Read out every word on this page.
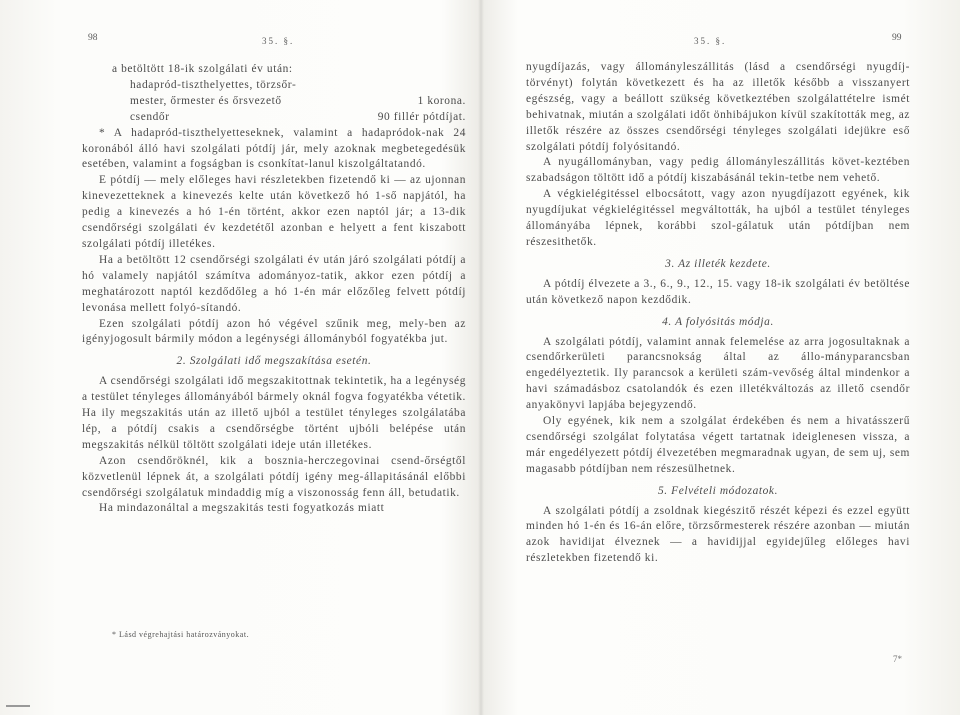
98	35. §.

a betöltött 18-ik szolgálati év után:

hadapród-tiszthelyettes, törzsőr-

mester, őrmester és őrsvezető	1 korona.
csendőr	90 fillér pótdíjat.

* A hadapród-tiszthelyetteseknek, valamint a hadapródok-nak 24 koronából álló havi szolgálati pótdíj jár, mely azoknak megbetegedésük esetében, valamint a fogságban is csonkítat-lanul kiszolgáltatandó.

E pótdíj — mely előleges havi részletekben fizetendő ki — az ujonnan kinevezetteknek a kinevezés kelte után következő hó 1-ső napjától, ha pedig a kinevezés a hó 1-én történt, akkor ezen naptól jár; a 13-dik csendőrségi szolgálati év kezdetétől azonban e helyett a fent kiszabott szolgálati pótdíj illetékes.

Ha a betöltött 12 csendőrségi szolgálati év után járó szolgálati pótdíj a hó valamely napjától számítva adományoz-tatik, akkor ezen pótdíj a meghatározott naptól kezdődőleg a hó 1-én már előzőleg felvett pótdíj levonása mellett folyó-sítandó.

Ezen szolgálati pótdíj azon hó végével szűnik meg, mely-ben az igényjogosult bármily módon a legénységi állományból fogyatékba jut.

2. Szolgálati idő megszakítása esetén.

A csendőrségi szolgálati idő megszakitottnak tekintetik, ha a legénység a testület tényleges állományából bármely oknál fogva fogyatékba vétetik. Ha ily megszakitás után az illető ujból a testület tényleges szolgálatába lép, a pótdíj csakis a csendőrségbe történt ujbóli belépése után megszakitás nélkül töltött szolgálati ideje után illetékes.

Azon csendőröknél, kik a bosznia-herczegovinai csend-őrségtől közvetlenül lépnek át, a szolgálati pótdíj igény meg-állapitásánál előbbi csendőrségi szolgálatuk mindaddig míg a viszonosság fenn áll, betudatik.

Ha mindazonáltal a megszakitás testi fogyatkozás miatt

* Lásd végrehajtási határozványokat.
35. §.	99

nyugdíjazás, vagy állományleszállitás (lásd a csendőrségi nyugdíj-törvényt) folytán következett és ha az illetők később a visszanyert egészség, vagy a beállott szükség következtében szolgálattételre ismét behivatnak, miután a szolgálati időt önhibájukon kívül szakították meg, az illetők részére az összes csendőrségi tényleges szolgálati idejükre eső szolgálati pótdíj folyósitandó.

A nyugállományban, vagy pedig állományleszállitás követ-keztében szabadságon töltött idő a pótdíj kiszabásánál tekin-tetbe nem vehető.

A végkielégitéssel elbocsátott, vagy azon nyugdíjazott egyének, kik nyugdíjukat végkielégitéssel megváltották, ha ujból a testület tényleges állományába lépnek, korábbi szol-gálatuk után pótdíjban nem részesithetők.

3. Az illeték kezdete.

A pótdíj élvezete a 3., 6., 9., 12., 15. vagy 18-ik szolgálati év betöltése után következő napon kezdődik.

4. A folyósitás módja.

A szolgálati pótdíj, valamint annak felemelése az arra jogosultaknak a csendőrkerületi parancsnokság által az állo-mányparancsban engedélyeztetik. Ily parancsok a kerületi szám-vevőség által mindenkor a havi számadásboz csatolandók és ezen illetékváltozás az illető csendőr anyakönyvi lapjába bejegyzendő.

Oly egyének, kik nem a szolgálat érdekében és nem a hivatásszerű csendőrségi szolgálat folytatása végett tartatnak ideiglenesen vissza, a már engedélyezett pótdíj élvezetében megmaradnak ugyan, de sem uj, sem magasabb pótdíjban nem részesülhetnek.

5. Felvételi módozatok.

A szolgálati pótdíj a zsoldnak kiegészitő részét képezi és ezzel együtt minden hó 1-én és 16-án előre, törzsőrmesterek részére azonban — miután azok havidijat élveznek — a havidijjal egyidejűleg előleges havi részletekben fizetendő ki.

7*
